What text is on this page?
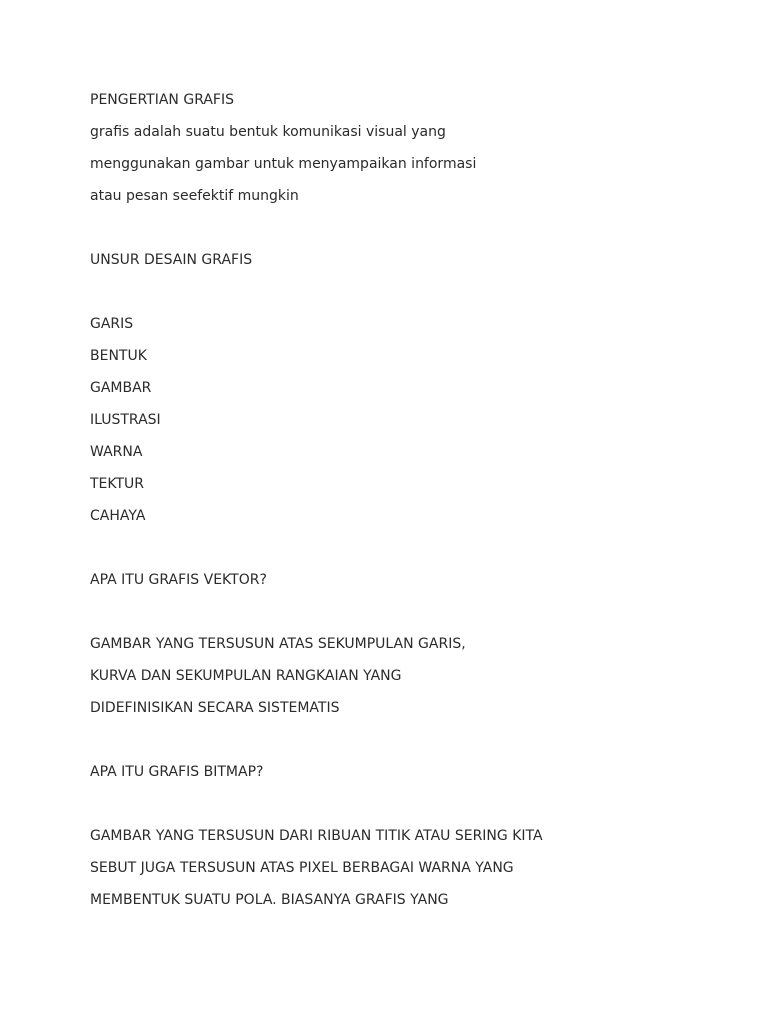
PENGERTIAN GRAFIS
grafis adalah suatu bentuk komunikasi visual yang
menggunakan gambar untuk menyampaikan informasi
atau pesan seefektif mungkin
UNSUR DESAIN GRAFIS
GARIS
BENTUK
GAMBAR
ILUSTRASI
WARNA
TEKTUR
CAHAYA
APA ITU GRAFIS VEKTOR?
GAMBAR YANG TERSUSUN ATAS SEKUMPULAN GARIS,
KURVA DAN SEKUMPULAN RANGKAIAN YANG
DIDEFINISIKAN SECARA SISTEMATIS
APA ITU GRAFIS BITMAP?
GAMBAR YANG TERSUSUN DARI RIBUAN TITIK ATAU SERING KITA
SEBUT JUGA TERSUSUN ATAS PIXEL BERBAGAI WARNA YANG
MEMBENTUK SUATU POLA. BIASANYA GRAFIS YANG
